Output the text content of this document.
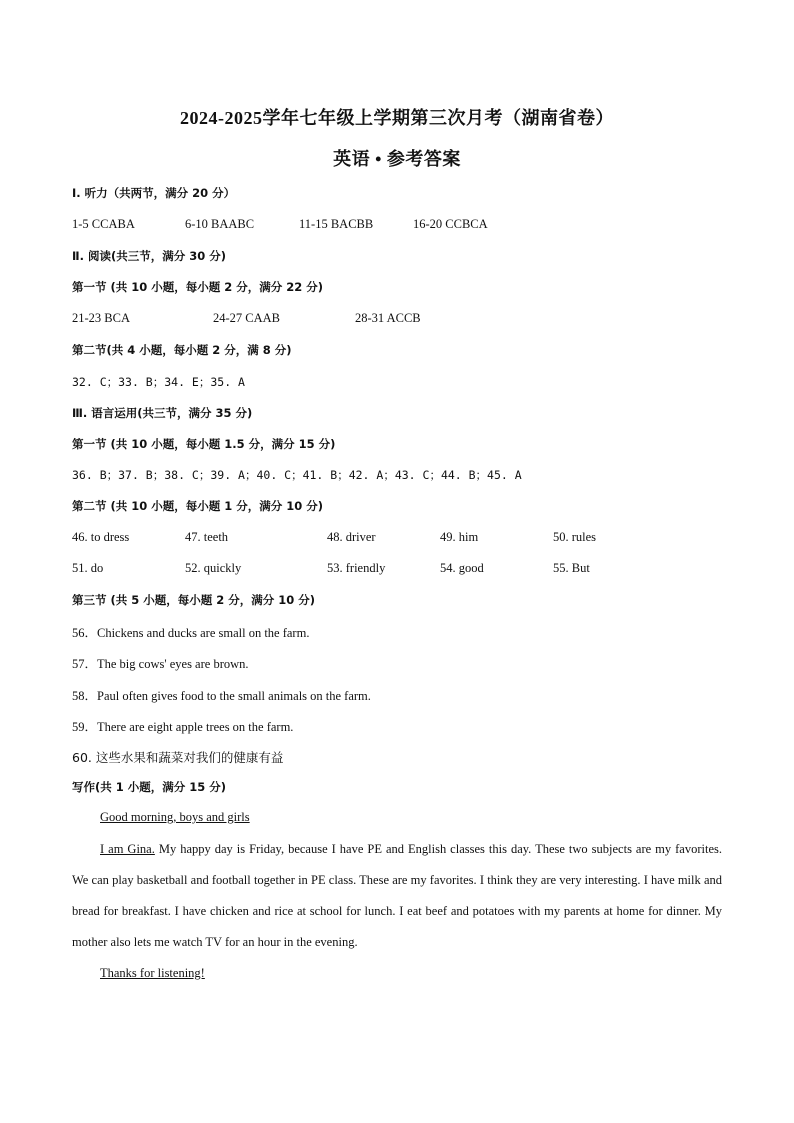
2024-2025学年七年级上学期第三次月考（湖南省卷）
英语 • 参考答案
I. 听力（共两节，满分 20 分）
1-5 CCABA	6-10 BAABC	11-15 BACBB	16-20 CCBCA
Ⅱ. 阅读(共三节，满分 30 分)
第一节 (共 10 小题，每小题 2 分，满分 22 分)
21-23 BCA	24-27 CAAB	28-31 ACCB
第二节(共 4 小题，每小题 2 分，满 8 分)
32. C；33. B；34. E；35. A
Ⅲ. 语言运用(共三节，满分 35 分)
第一节 (共 10 小题，每小题 1.5 分，满分 15 分)
36. B；37. B；38. C；39. A；40. C；41. B；42. A；43. C；44. B；45. A
第二节 (共 10 小题，每小题 1 分，满分 10 分)
46. to dress	47. teeth	48. driver	49. him	50. rules
51. do	52. quickly	53. friendly	54. good	55. But
第三节 (共 5 小题，每小题 2 分，满分 10 分)
56．Chickens and ducks are small on the farm.
57．The big cows' eyes are brown.
58．Paul often gives food to the small animals on the farm.
59．There are eight apple trees on the farm.
60. 这些水果和蔬菜对我们的健康有益
写作(共 1 小题，满分 15 分)
Good morning, boys and girls
I am Gina. My happy day is Friday, because I have PE and English classes this day. These two subjects are my favorites. We can play basketball and football together in PE class. These are my favorites. I think they are very interesting. I have milk and bread for breakfast. I have chicken and rice at school for lunch. I eat beef and potatoes with my parents at home for dinner. My mother also lets me watch TV for an hour in the evening.
Thanks for listening!
